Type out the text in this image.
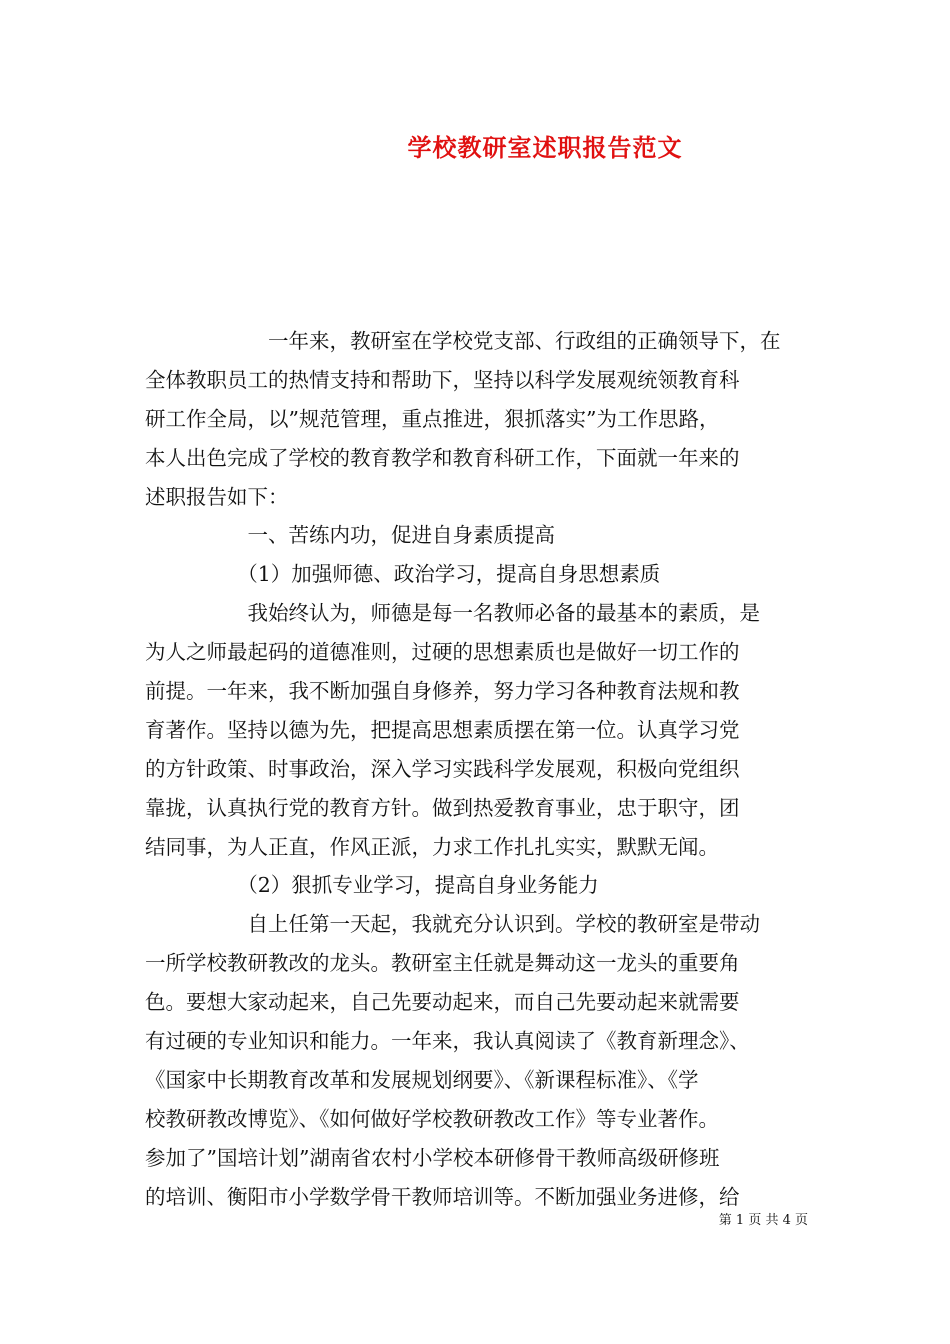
学校教研室述职报告范文
　　　　　　一年来，教研室在学校党支部、行政组的正确领导下，在
全体教职员工的热情支持和帮助下，坚持以科学发展观统领教育科
研工作全局，以”规范管理，重点推进，狠抓落实”为工作思路，
本人出色完成了学校的教育教学和教育科研工作，下面就一年来的
述职报告如下：
　　　　　一、苦练内功，促进自身素质提高
　　　　　（1）加强师德、政治学习，提高自身思想素质
　　　　　我始终认为，师德是每一名教师必备的最基本的素质，是
为人之师最起码的道德准则，过硬的思想素质也是做好一切工作的
前提。一年来，我不断加强自身修养，努力学习各种教育法规和教
育著作。坚持以德为先，把提高思想素质摆在第一位。认真学习党
的方针政策、时事政治，深入学习实践科学发展观，积极向党组织
靠拢，认真执行党的教育方针。做到热爱教育事业，忠于职守，团
结同事，为人正直，作风正派，力求工作扎扎实实，默默无闻。
　　　　　（2）狠抓专业学习，提高自身业务能力
　　　　　自上任第一天起，我就充分认识到。学校的教研室是带动
一所学校教研教改的龙头。教研室主任就是舞动这一龙头的重要角
色。要想大家动起来，自己先要动起来，而自己先要动起来就需要
有过硬的专业知识和能力。一年来，我认真阅读了《教育新理念》、
《国家中长期教育改革和发展规划纲要》、《新课程标准》、《学
校教研教改博览》、《如何做好学校教研教改工作》等专业著作。
参加了”国培计划”湖南省农村小学校本研修骨干教师高级研修班
的培训、衡阳市小学数学骨干教师培训等。不断加强业务进修，给
第 1 页 共 4 页
